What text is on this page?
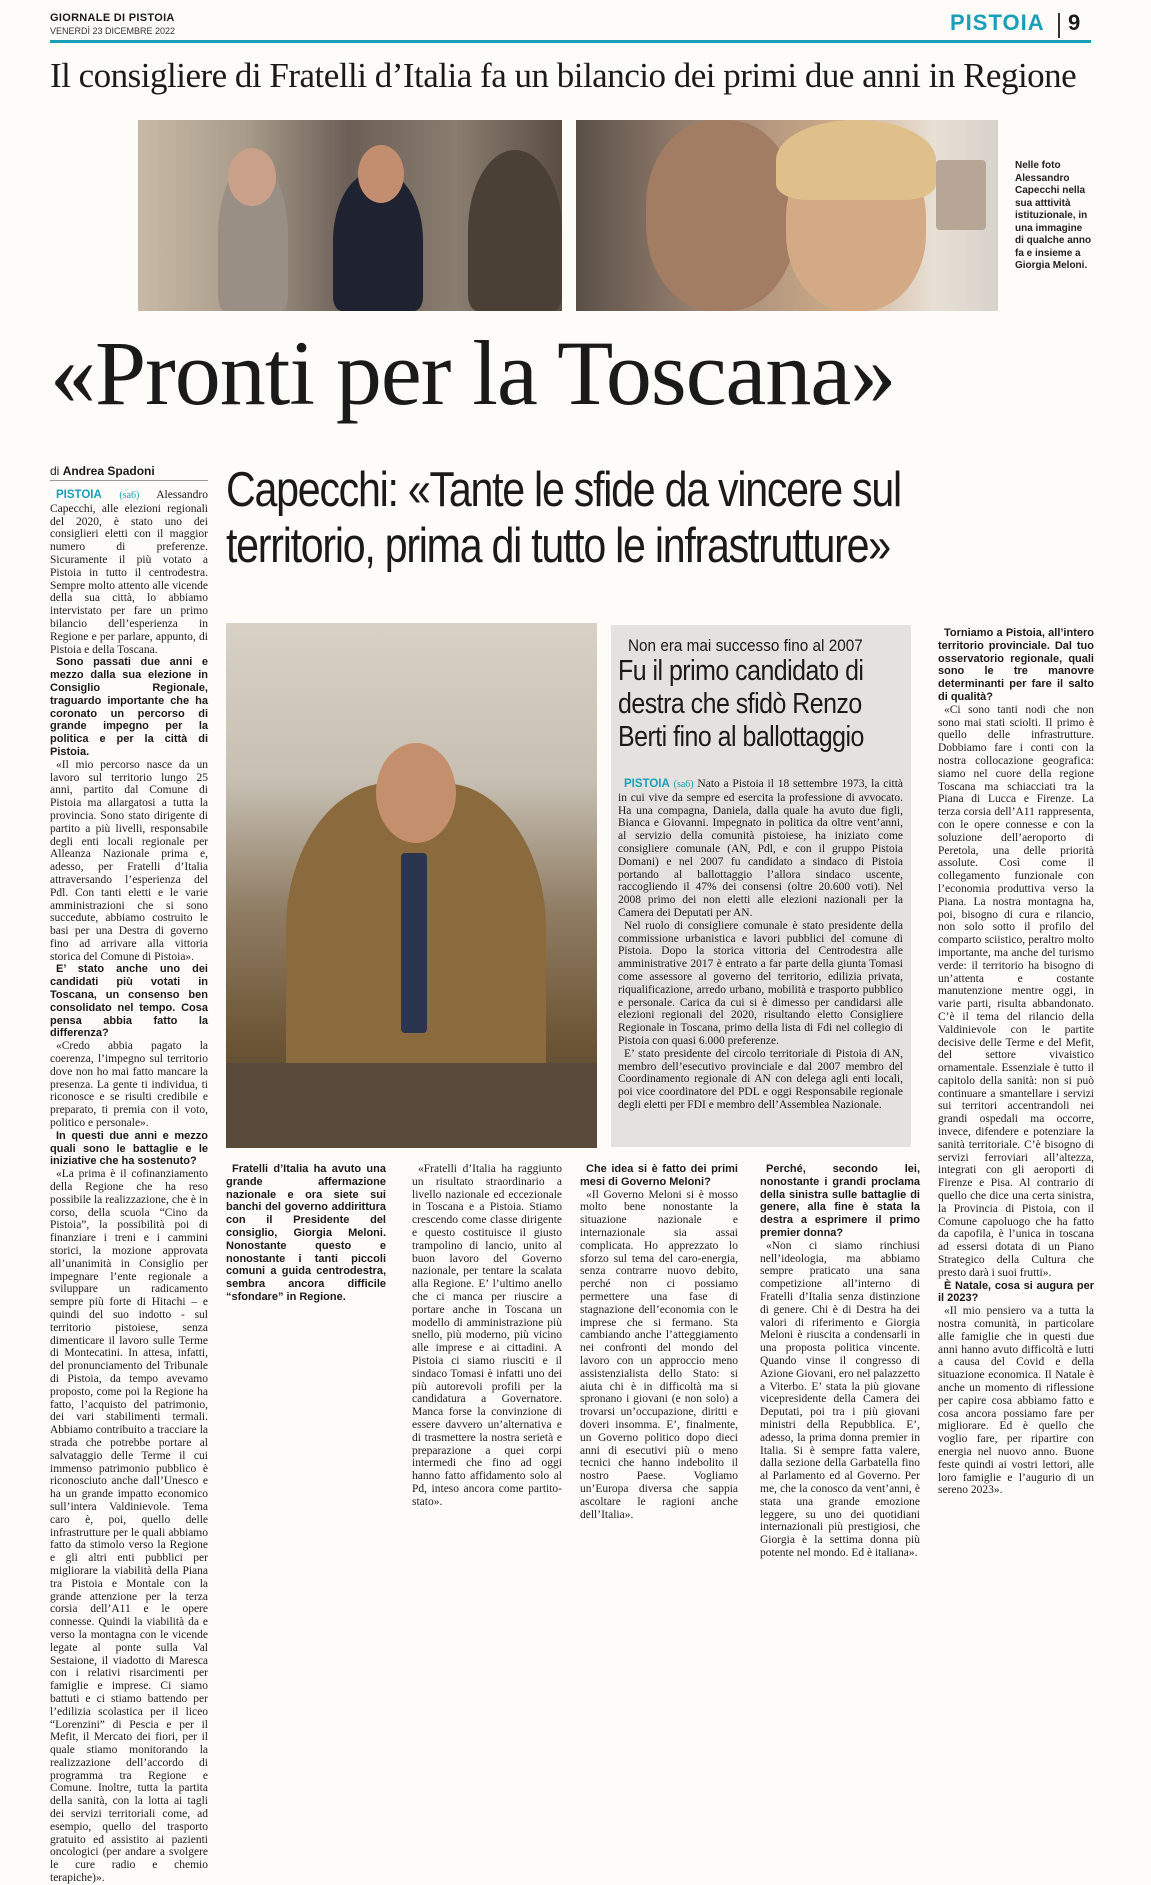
GIORNALE DI PISTOIA
VENERDÌ 23 DICEMBRE 2022	PISTOIA 9
Il consigliere di Fratelli d’Italia fa un bilancio dei primi due anni in Regione
Nelle foto Alessandro Capecchi nella sua atttività istituzionale, in una immagine di qualche anno fa e insieme a Giorgia Meloni.
«Pronti per la Toscana»
di Andrea Spadoni Capecchi: «Tante le sfide da vincere sul
territorio, prima di tutto le infrastrutture»

PISTOIA (sa6) Alessandro Capecchi, alle elezioni regionali del 2020, è stato uno dei consiglieri eletti con il maggior numero di preferenze. Sicuramente il più votato a Pistoia in tutto il centrodestra. Sempre molto attento alle vicende della sua città, lo abbiamo intervistato per fare un primo bilancio dell’esperienza in Regione e per parlare, appunto, di Pistoia e della Toscana.

Sono passati due anni e mezzo dalla sua elezione in Consiglio Regionale, traguardo importante che ha coronato un percorso di grande impegno per la politica e per la città di Pistoia.

«Il mio percorso nasce da un lavoro sul territorio lungo 25 anni, partito dal Comune di Pistoia ma allargatosi a tutta la provincia. Sono stato dirigente di partito a più livelli, responsabile degli enti locali regionale per Alleanza Nazionale prima e, adesso, per Fratelli d’Italia attraversando l’esperienza del Pdl. Con tanti eletti e le varie amministrazioni che si sono succedute, abbiamo costruito le basi per una Destra di governo fino ad arrivare alla vittoria storica del Comune di Pistoia».

E’ stato anche uno dei candidati più votati in Toscana, un consenso ben consolidato nel tempo. Cosa pensa abbia fatto la differenza?

«Credo abbia pagato la coerenza, l’impegno sul territorio dove non ho mai fatto mancare la presenza. La gente ti individua, ti riconosce e se risulti credibile e preparato, ti premia con il voto, politico e personale».

In questi due anni e mezzo quali sono le battaglie e le iniziative che ha sostenuto?

«La prima è il cofinanziamento della Regione che ha reso possibile la realizzazione, che è in corso, della scuola “Cino da Pistoia”, la possibilità poi di finanziare i treni e i cammini storici, la mozione approvata all’unanimità in Consiglio per impegnare l’ente regionale a sviluppare un radicamento sempre più forte di Hitachi – e quindi del suo indotto - sul territorio pistoiese, senza dimenticare il lavoro sulle Terme di Montecatini. In attesa, infatti, del pronunciamento del Tribunale di Pistoia, da tempo avevamo proposto, come poi la Regione ha fatto, l’acquisto del patrimonio, dei vari stabilimenti termali. Abbiamo contribuito a tracciare la strada che potrebbe portare al salvataggio delle Terme il cui immenso patrimonio pubblico è riconosciuto anche dall’Unesco e ha un grande impatto economico sull’intera Valdinievole. Tema caro è, poi, quello delle infrastrutture per le quali abbiamo fatto da stimolo verso la Regione e gli altri enti pubblici per migliorare la viabilità della Piana tra Pistoia e Montale con la grande attenzione per la terza corsia dell’A11 e le opere connesse. Quindi la viabilità da e verso la montagna con le vicende legate al ponte sulla Val Sestaione, il viadotto di Maresca con i relativi risarcimenti per famiglie e imprese. Ci siamo battuti e ci stiamo battendo per l’edilizia scolastica per il liceo “Lorenzini” di Pescia e per il Mefit, il Mercato dei fiori, per il quale stiamo monitorando la realizzazione dell’accordo di programma tra Regione e Comune. Inoltre, tutta la partita della sanità, con la lotta ai tagli dei servizi territoriali come, ad esempio, quello del trasporto gratuito ed assistito ai pazienti oncologici (per andare a svolgere le cure radio e chemio terapiche)».

Fratelli d’Italia ha avuto una grande affermazione nazionale e ora siete sui banchi del governo addirittura con il Presidente del consiglio, Giorgia Meloni. Nonostante questo e nonostante i tanti piccoli comuni a guida centrodestra, sembra ancora difficile “sfondare” in Regione.

«Fratelli d’Italia ha raggiunto un risultato straordinario a livello nazionale ed eccezionale in Toscana e a Pistoia. Stiamo crescendo come classe dirigente e questo costituisce il giusto trampolino di lancio, unito al buon lavoro del Governo nazionale, per tentare la scalata alla Regione. E’ l’ultimo anello che ci manca per riuscire a portare anche in Toscana un modello di amministrazione più snello, più moderno, più vicino alle imprese e ai cittadini. A Pistoia ci siamo riusciti e il sindaco Tomasi è infatti uno dei più autorevoli profili per la candidatura a Governatore. Manca forse la convinzione di essere davvero un’alternativa e di trasmettere la nostra serietà e preparazione a quei corpi intermedi che fino ad oggi hanno fatto affidamento solo al Pd, inteso ancora come partito-stato».

Che idea si è fatto dei primi mesi di Governo Meloni?

«Il Governo Meloni si è mosso molto bene nonostante la situazione nazionale e internazionale sia assai complicata. Ho apprezzato lo sforzo sul tema del caro-energia, senza contrarre nuovo debito, perché non ci possiamo permettere una fase di stagnazione dell’economia con le imprese che si fermano. Sta cambiando anche l’atteggiamento nei confronti del mondo del lavoro con un approccio meno assistenzialista dello Stato: si aiuta chi è in difficoltà ma si spronano i giovani (e non solo) a trovarsi un’occupazione, diritti e doveri insomma. E’, finalmente, un Governo politico dopo dieci anni di esecutivi più o meno tecnici che hanno indebolito il nostro Paese. Vogliamo un’Europa diversa che sappia ascoltare le ragioni anche dell’Italia».

Perché, secondo lei, nonostante i grandi proclama della sinistra sulle battaglie di genere, alla fine è stata la destra a esprimere il primo premier donna?

«Non ci siamo rinchiusi nell’ideologia, ma abbiamo sempre praticato una sana competizione all’interno di Fratelli d’Italia senza distinzione di genere. Chi è di Destra ha dei valori di riferimento e Giorgia Meloni è riuscita a condensarli in una proposta politica vincente. Quando vinse il congresso di Azione Giovani, ero nel palazzetto a Viterbo. E’ stata la più giovane vicepresidente della Camera dei Deputati, poi tra i più giovani ministri della Repubblica. E’, adesso, la prima donna premier in Italia. Si è sempre fatta valere, dalla sezione della Garbatella fino al Parlamento ed al Governo. Per me, che la conosco da vent’anni, è stata una grande emozione leggere, su uno dei quotidiani internazionali più prestigiosi, che Giorgia è la settima donna più potente nel mondo. Ed è italiana».

Torniamo a Pistoia, all’intero territorio provinciale. Dal tuo osservatorio regionale, quali sono le tre manovre determinanti per fare il salto di qualità?

«Ci sono tanti nodi che non sono mai stati sciolti. Il primo è quello delle infrastrutture. Dobbiamo fare i conti con la nostra collocazione geografica: siamo nel cuore della regione Toscana ma schiacciati tra la Piana di Lucca e Firenze. La terza corsia dell’A11 rappresenta, con le opere connesse e con la soluzione dell’aeroporto di Peretola, una delle priorità assolute. Così come il collegamento funzionale con l’economia produttiva verso la Piana. La nostra montagna ha, poi, bisogno di cura e rilancio, non solo sotto il profilo del comparto sciistico, peraltro molto importante, ma anche del turismo verde: il territorio ha bisogno di un’attenta e costante manutenzione mentre oggi, in varie parti, risulta abbandonato. C’è il tema del rilancio della Valdinievole con le partite decisive delle Terme e del Mefit, del settore vivaistico ornamentale. Essenziale è tutto il capitolo della sanità: non si può continuare a smantellare i servizi sui territori accentrandoli nei grandi ospedali ma occorre, invece, difendere e potenziare la sanità territoriale. C’è bisogno di servizi ferroviari all’altezza, integrati con gli aeroporti di Firenze e Pisa. Al contrario di quello che dice una certa sinistra, la Provincia di Pistoia, con il Comune capoluogo che ha fatto da capofila, è l’unica in toscana ad essersi dotata di un Piano Strategico della Cultura che presto darà i suoi frutti».

È Natale, cosa si augura per il 2023?

«Il mio pensiero va a tutta la nostra comunità, in particolare alle famiglie che in questi due anni hanno avuto difficoltà e lutti a causa del Covid e della situazione economica. Il Natale è anche un momento di riflessione per capire cosa abbiamo fatto e cosa ancora possiamo fare per migliorare. Ed è quello che voglio fare, per ripartire con energia nel nuovo anno. Buone feste quindi ai vostri lettori, alle loro famiglie e l’augurio di un sereno 2023».

Non era mai successo fino al 2007
Fu il primo candidato di destra che sfidò Renzo Berti fino al ballottaggio

PISTOIA (sa6) Nato a Pistoia il 18 settembre 1973, la città in cui vive da sempre ed esercita la professione di avvocato. Ha una compagna, Daniela, dalla quale ha avuto due figli, Bianca e Giovanni. Impegnato in politica da oltre vent’anni, al servizio della comunità pistoiese, ha iniziato come consigliere comunale (AN, Pdl, e con il gruppo Pistoia Domani) e nel 2007 fu candidato a sindaco di Pistoia portando al ballottaggio l’allora sindaco uscente, raccogliendo il 47% dei consensi (oltre 20.600 voti). Nel 2008 primo dei non eletti alle elezioni nazionali per la Camera dei Deputati per AN.

Nel ruolo di consigliere comunale è stato presidente della commissione urbanistica e lavori pubblici del comune di Pistoia. Dopo la storica vittoria del Centrodestra alle amministrative 2017 è entrato a far parte della giunta Tomasi come assessore al governo del territorio, edilizia privata, riqualificazione, arredo urbano, mobilità e trasporto pubblico e personale. Carica da cui si è dimesso per candidarsi alle elezioni regionali del 2020, risultando eletto Consigliere Regionale in Toscana, primo della lista di Fdi nel collegio di Pistoia con quasi 6.000 preferenze.

E’ stato presidente del circolo territoriale di Pistoia di AN, membro dell’esecutivo provinciale e dal 2007 membro del Coordinamento regionale di AN con delega agli enti locali, poi vice coordinatore del PDL e oggi Responsabile regionale degli eletti per FDI e membro dell’Assemblea Nazionale.
